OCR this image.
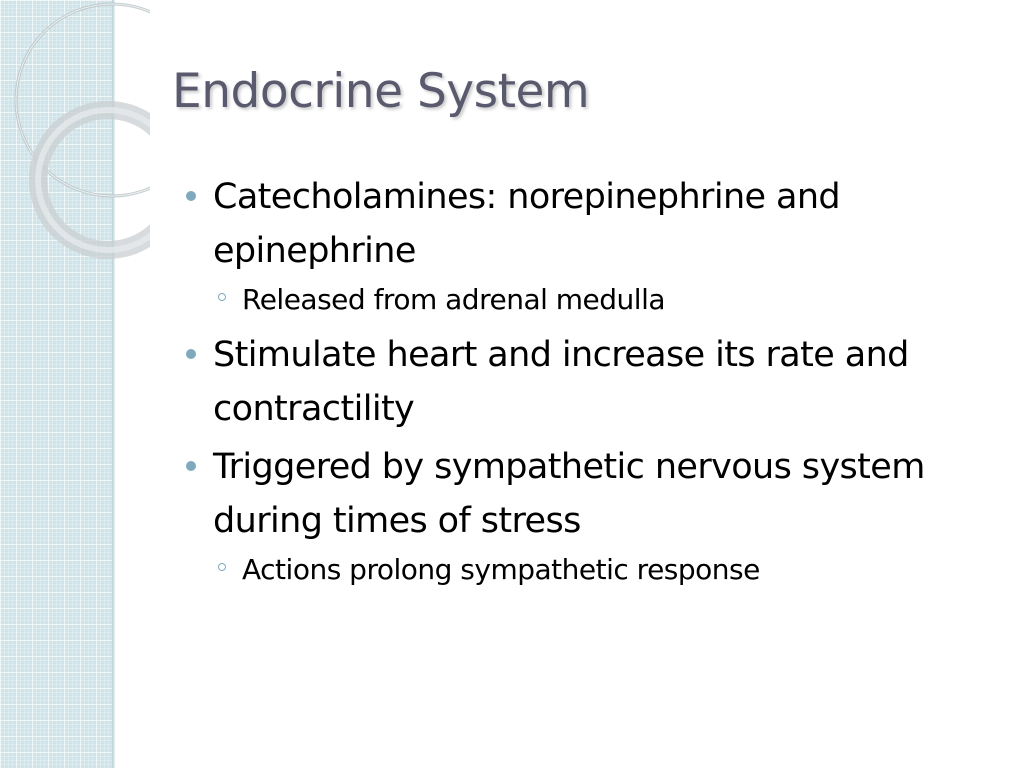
Endocrine System
Catecholamines: norepinephrine and epinephrine
Released from adrenal medulla
Stimulate heart and increase its rate and contractility
Triggered by sympathetic nervous system during times of stress
Actions prolong sympathetic response
